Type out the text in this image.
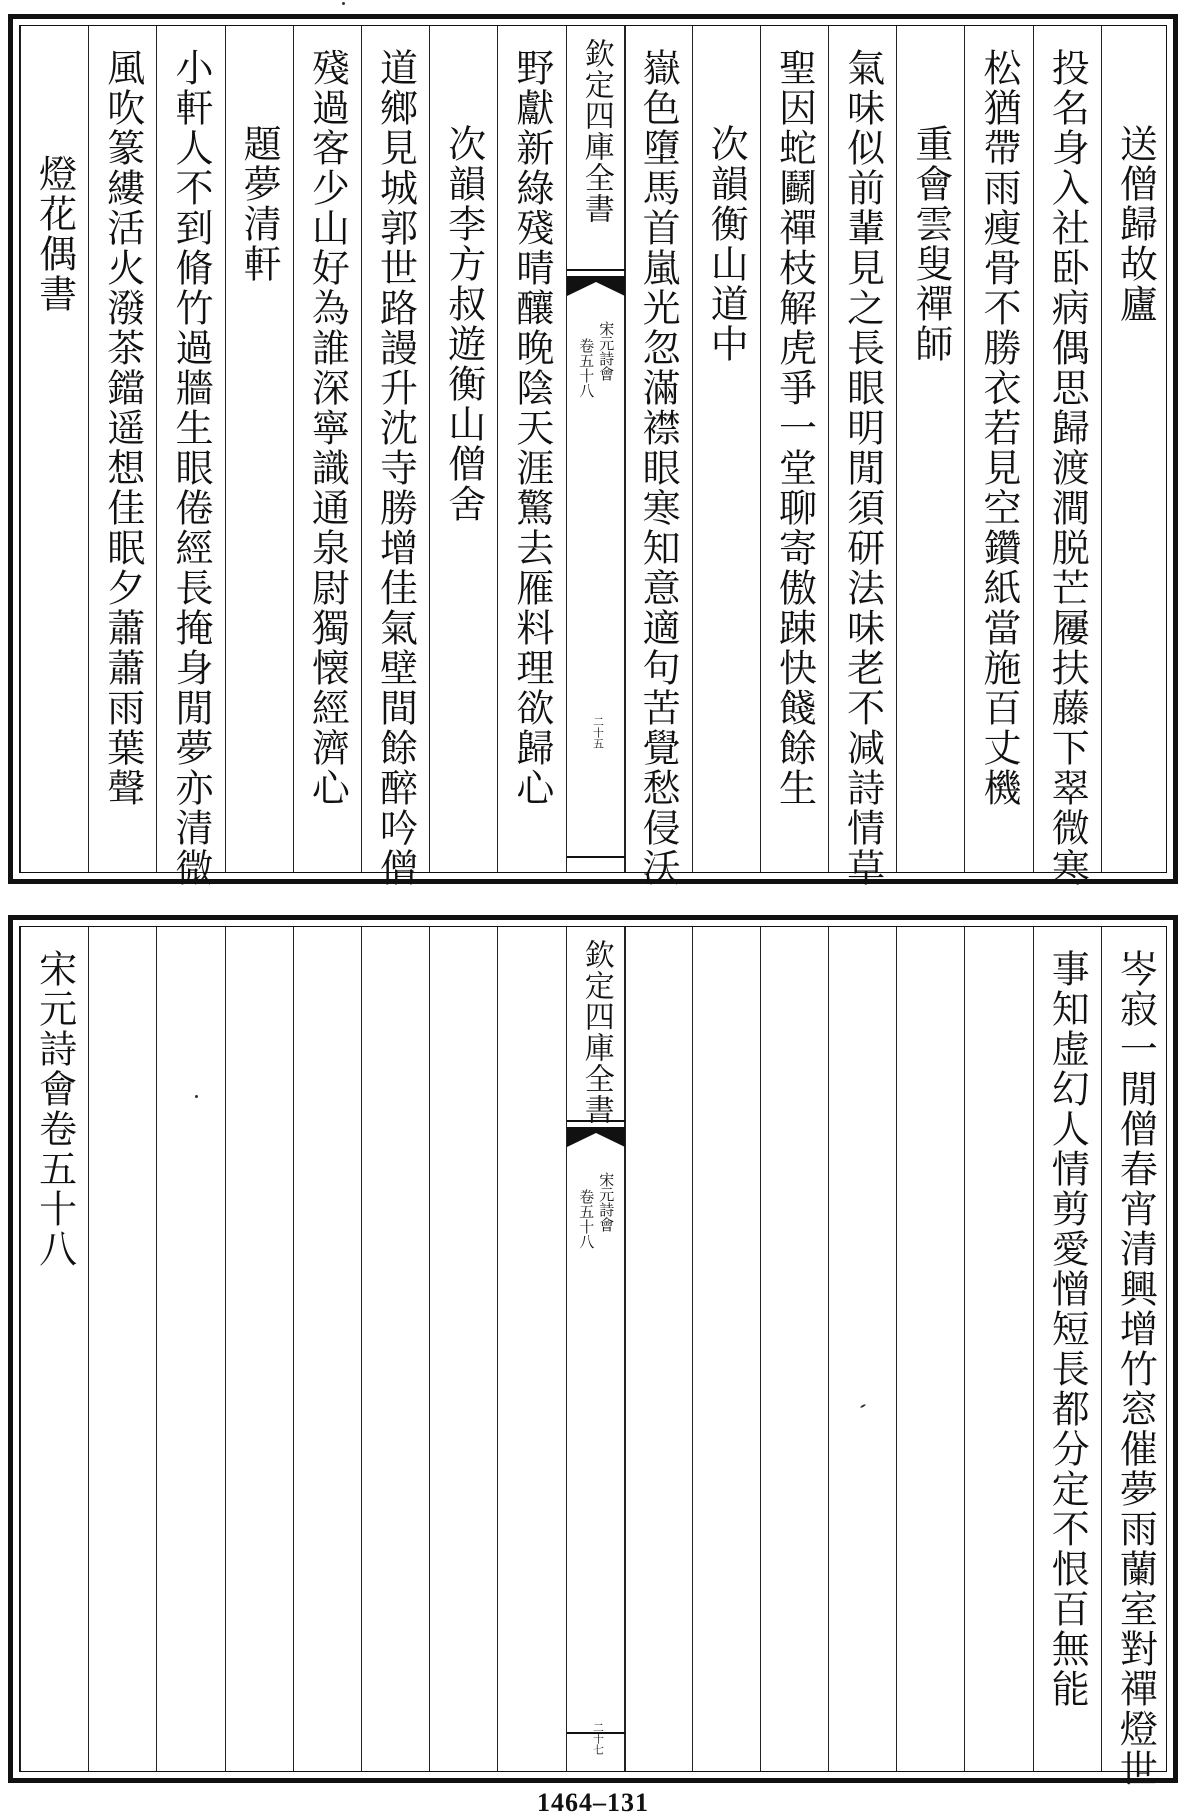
送僧歸故廬
投名身入社卧病偶思歸渡澗脱芒屨扶藤下翠微寒
松猶帶雨瘦骨不勝衣若見空鑽紙當施百丈機
重會雲叟禪師
氣味似前輩見之長眼明閒須研法味老不减詩情草
聖因蛇鬬禪枝解虎爭一堂聊寄傲踈快餞餘生
次韻衡山道中
嶽色墮馬首嵐光忽滿襟眼寒知意適句苦覺愁侵沃
野獻新綠殘晴釀晚陰天涯驚去雁料理欲歸心
次韻李方叔遊衡山僧舍
道鄉見城郭世路謾升沈寺勝增佳氣壁間餘醉吟僧
殘過客少山好為誰深寧識通泉尉獨懐經濟心
題夢清軒
小軒人不到脩竹過牆生眼倦經長掩身閒夢亦清微
風吹篆縷活火潑茶鐺遥想佳眠夕蕭蕭雨葉聲
燈花偶書
欽定四庫全書
宋元詩會
卷五十八
二十五
岑寂一閒僧春宵清興增竹窓催夢雨蘭室對禪燈世
事知虚幻人情剪愛憎短長都分定不恨百無能
宋元詩會卷五十八	欽定四庫全書
宋元詩會
卷五十八
二十七
1464–131
